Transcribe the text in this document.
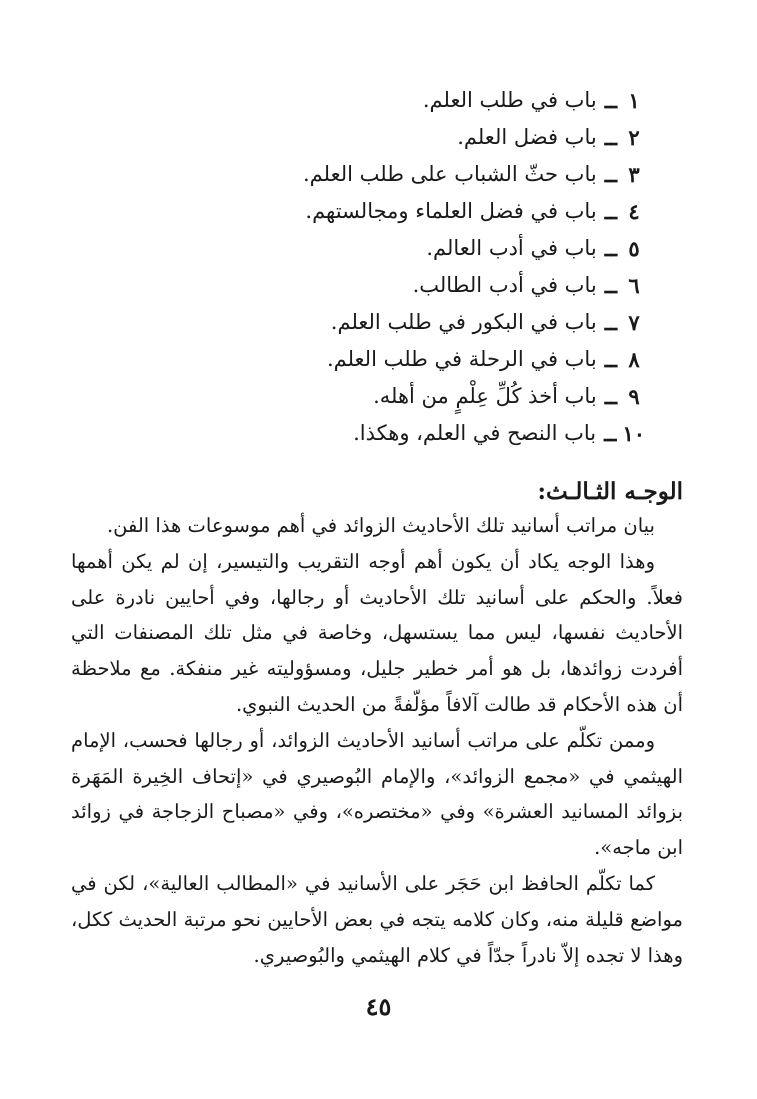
١
ــ
باب في طلب العلم.
٢
ــ
باب فضل العلم.
٣
ــ
باب حثّ الشباب على طلب العلم.
٤
ــ
باب في فضل العلماء ومجالستهم.
٥
ــ
باب في أدب العالم.
٦
ــ
باب في أدب الطالب.
٧
ــ
باب في البكور في طلب العلم.
٨
ــ
باب في الرحلة في طلب العلم.
٩
ــ
باب أخذ كُلِّ عِلْمٍ من أهله.
١٠
ــ
باب النصح في العلم، وهكذا.
الوجـه الثـالـث:

بيان مراتب أسانيد تلك الأحاديث الزوائد في أهم موسوعات هذا الفن.

وهذا الوجه يكاد أن يكون أهم أوجه التقريب والتيسير، إن لم يكن أهمها فعلاً. والحكم على أسانيد تلك الأحاديث أو رجالها، وفي أحايين نادرة على الأحاديث نفسها، ليس مما يستسهل، وخاصة في مثل تلك المصنفات التي أفردت زوائدها، بل هو أمر خطير جليل، ومسؤوليته غير منفكة. مع ملاحظة أن هذه الأحكام قد طالت آلافاً مؤلّفةً من الحديث النبوي.

وممن تكلّم على مراتب أسانيد الأحاديث الزوائد، أو رجالها فحسب، الإمام الهيثمي في «مجمع الزوائد»، والإمام البُوصيري في «إتحاف الخِيرة المَهَرة بزوائد المسانيد العشرة» وفي «مختصره»، وفي «مصباح الزجاجة في زوائد ابن ماجه».

كما تكلّم الحافظ ابن حَجَر على الأسانيد في «المطالب العالية»، لكن في مواضع قليلة منه، وكان كلامه يتجه في بعض الأحايين نحو مرتبة الحديث ككل، وهذا لا تجده إلاّ نادراً جدّاً في كلام الهيثمي والبُوصيري.

٤٥
